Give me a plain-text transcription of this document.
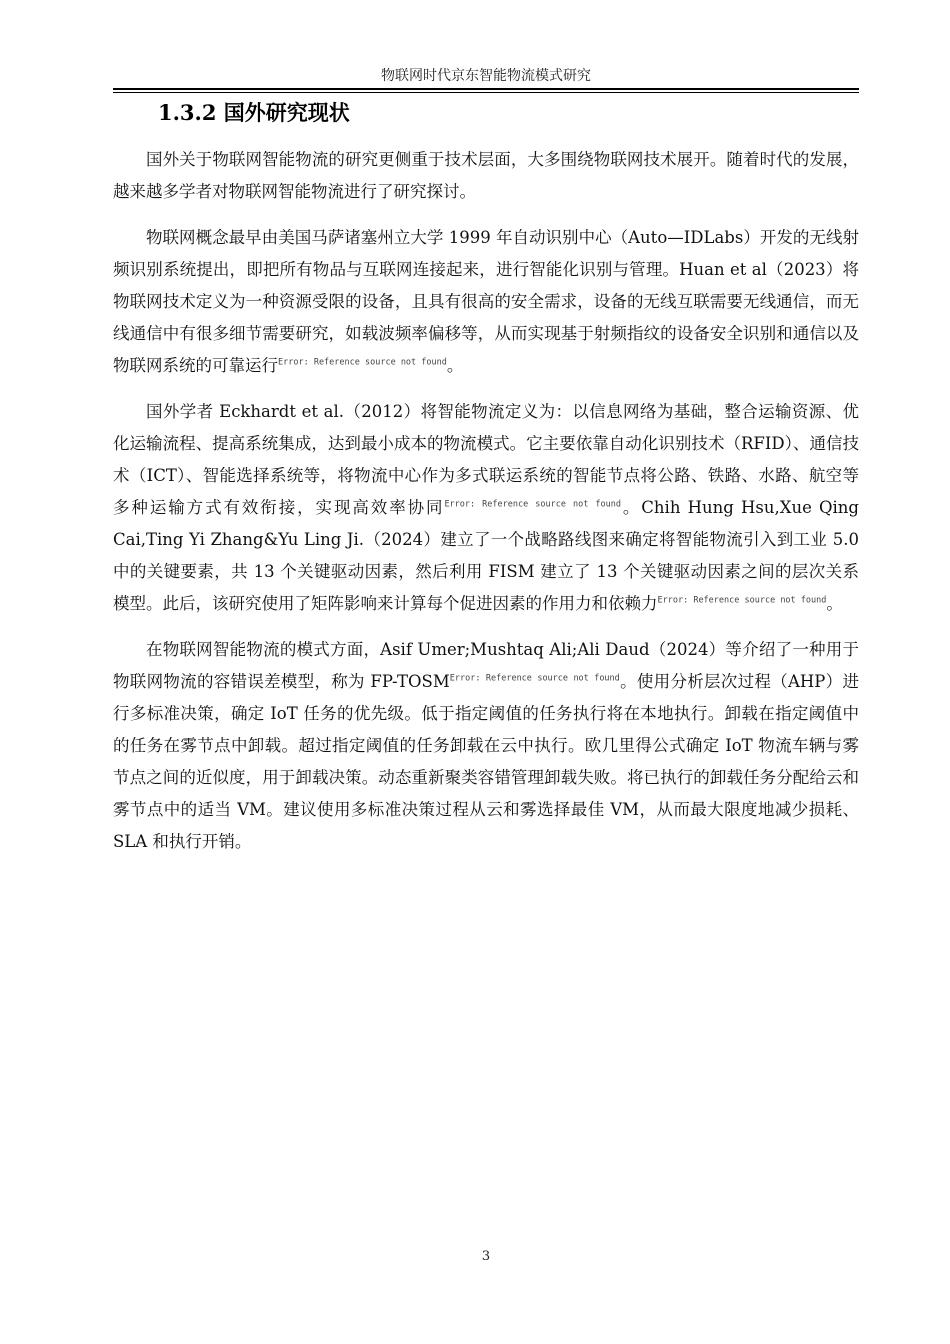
物联网时代京东智能物流模式研究
1.3.2 国外研究现状

国外关于物联网智能物流的研究更侧重于技术层面，大多围绕物联网技术展开。随着时代的发展，越来越多学者对物联网智能物流进行了研究探讨。

物联网概念最早由美国马萨诸塞州立大学 1999 年自动识别中心（Auto—IDLabs）开发的无线射频识别系统提出，即把所有物品与互联网连接起来，进行智能化识别与管理。Huan et al（2023）将物联网技术定义为一种资源受限的设备，且具有很高的安全需求，设备的无线互联需要无线通信，而无线通信中有很多细节需要研究，如载波频率偏移等，从而实现基于射频指纹的设备安全识别和通信以及物联网系统的可靠运行$^{Error: Reference source not found}$。

国外学者 Eckhardt et al.（2012）将智能物流定义为：以信息网络为基础，整合运输资源、优化运输流程、提高系统集成，达到最小成本的物流模式。它主要依靠自动化识别技术（RFID）、通信技术（ICT）、智能选择系统等，将物流中心作为多式联运系统的智能节点将公路、铁路、水路、航空等多种运输方式有效衔接，实现高效率协同$^{Error: Reference source not found}$。Chih Hung Hsu,Xue Qing Cai,Ting Yi Zhang&Yu Ling Ji.（2024）建立了一个战略路线图来确定将智能物流引入到工业 5.0 中的关键要素，共 13 个关键驱动因素，然后利用 FISM 建立了 13 个关键驱动因素之间的层次关系模型。此后，该研究使用了矩阵影响来计算每个促进因素的作用力和依赖力$^{Error: Reference source not found}$。

在物联网智能物流的模式方面，Asif Umer;Mushtaq Ali;Ali Daud（2024）等介绍了一种用于物联网物流的容错误差模型，称为 FP-TOSM$^{Error: Reference source not found}$。使用分析层次过程（AHP）进行多标准决策，确定 IoT 任务的优先级。低于指定阈值的任务执行将在本地执行。卸载在指定阈值中的任务在雾节点中卸载。超过指定阈值的任务卸载在云中执行。欧几里得公式确定 IoT 物流车辆与雾节点之间的近似度，用于卸载决策。动态重新聚类容错管理卸载失败。将已执行的卸载任务分配给云和雾节点中的适当 VM。建议使用多标准决策过程从云和雾选择最佳 VM，从而最大限度地减少损耗、SLA 和执行开销。

3
